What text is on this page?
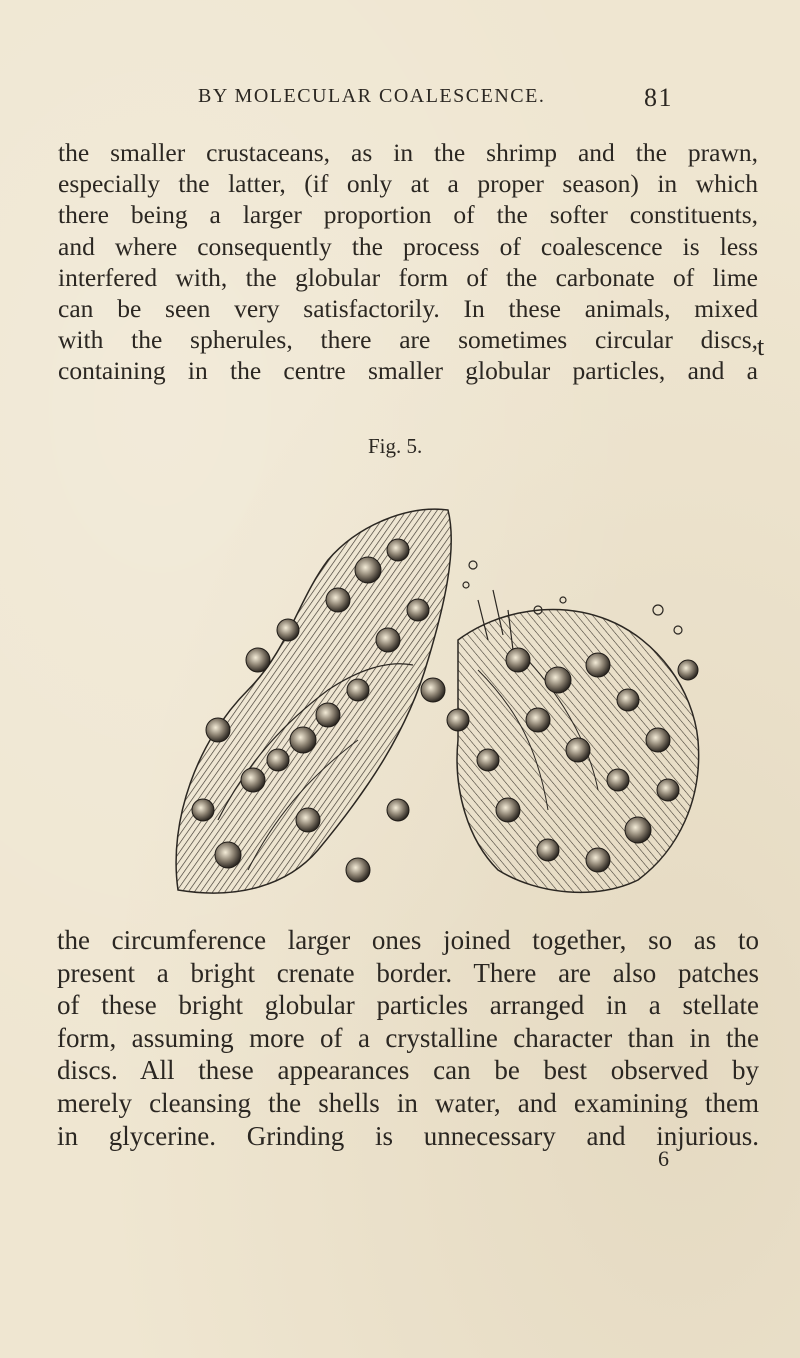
BY MOLECULAR COALESCENCE.	81
the smaller crustaceans, as in the shrimp and the prawn,
especially the latter, (if only at a proper season) in which
there being a larger proportion of the softer constituents,
and where consequently the process of coalescence is less
interfered with, the globular form of the carbonate of lime
can be seen very satisfactorily. In these animals, mixed
with the spherules, there are sometimes circular discs,
containing in the centre smaller globular particles, and a
t
Fig. 5.
the circumference larger ones joined together, so as to
present a bright crenate border. There are also patches
of these bright globular particles arranged in a stellate
form, assuming more of a crystalline character than in the
discs. All these appearances can be best observed by
merely cleansing the shells in water, and examining them
in glycerine. Grinding is unnecessary and injurious.
6
